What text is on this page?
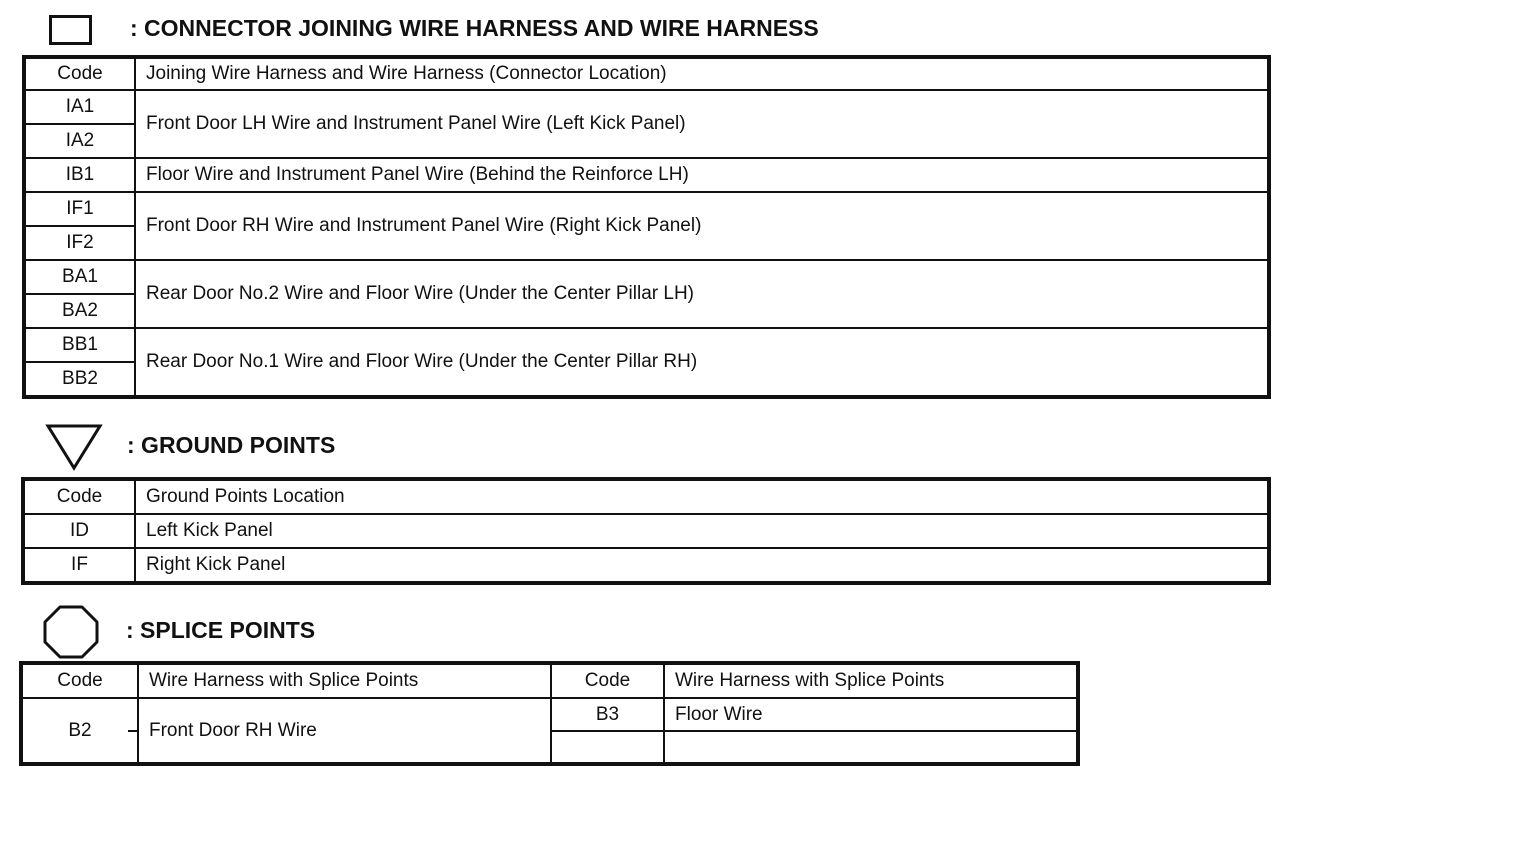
: CONNECTOR JOINING WIRE HARNESS AND WIRE HARNESS
Code	Joining Wire Harness and Wire Harness (Connector Location)
IA1	Front Door LH Wire and Instrument Panel Wire (Left Kick Panel)
IA2	
IB1	Floor Wire and Instrument Panel Wire (Behind the Reinforce LH)
IF1	Front Door RH Wire and Instrument Panel Wire (Right Kick Panel)
IF2	
BA1	Rear Door No.2 Wire and Floor Wire (Under the Center Pillar LH)
BA2	
BB1	Rear Door No.1 Wire and Floor Wire (Under the Center Pillar RH)
BB2	
: GROUND POINTS
Code	Ground Points Location
ID	Left Kick Panel
IF	Right Kick Panel
: SPLICE POINTS
Code	Wire Harness with Splice Points	Code	Wire Harness with Splice Points
B2	Front Door RH Wire	B3	Floor Wire
